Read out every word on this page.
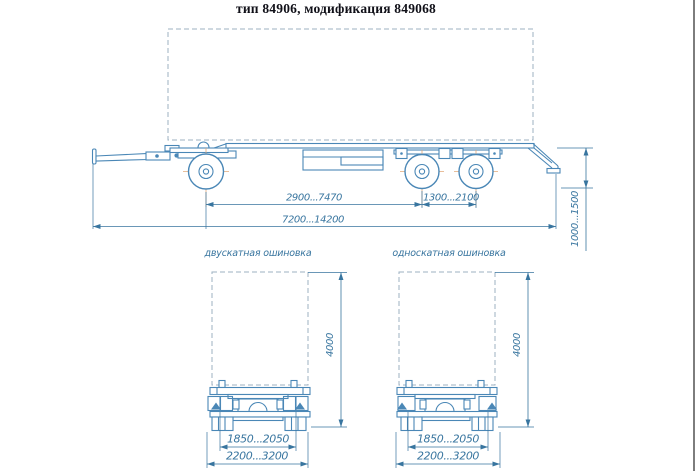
тип 84906, модификация 849068
2900...7470	1300...2100
7200...14200	1000...1500
двускатная ошиновка
4000
1850...2050
2200...3200
односкатная ошиновка
4000
1850...2050
2200...3200
